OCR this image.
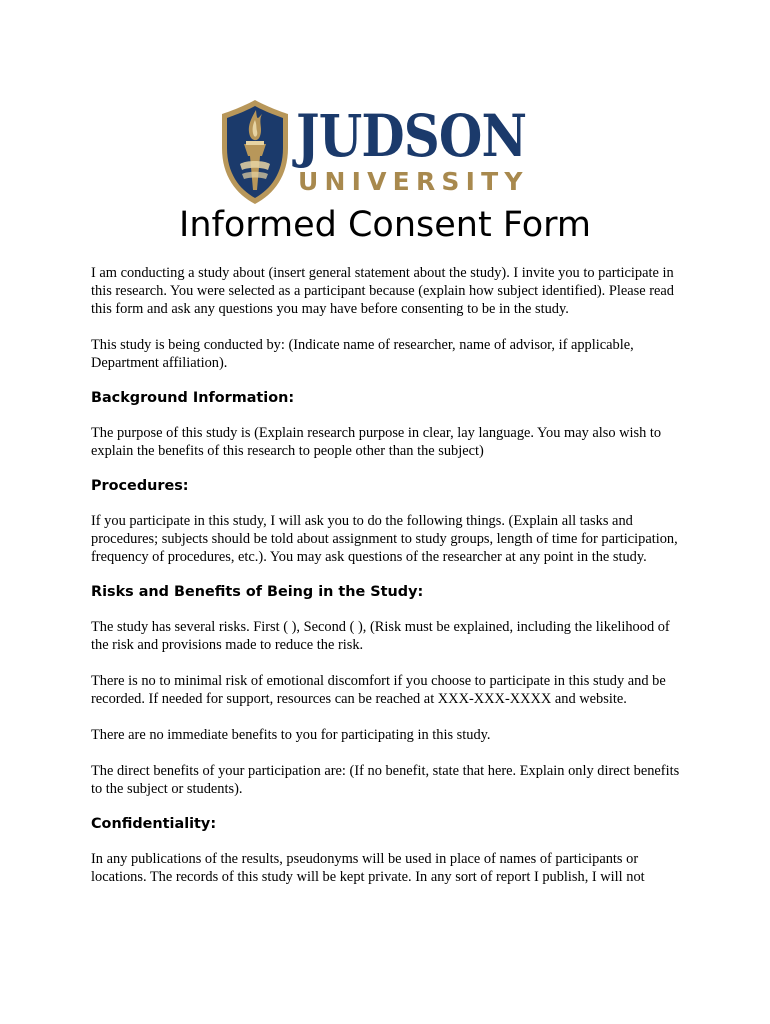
JUDSON
UNIVERSITY
Informed Consent Form

I am conducting a study about (insert general statement about the study). I invite you to participate in this research. You were selected as a participant because (explain how subject identified). Please read this form and ask any questions you may have before consenting to be in the study.

This study is being conducted by: (Indicate name of researcher, name of advisor, if applicable, Department affiliation).

Background Information:

The purpose of this study is (Explain research purpose in clear, lay language. You may also wish to explain the benefits of this research to people other than the subject)

Procedures:

If you participate in this study, I will ask you to do the following things. (Explain all tasks and procedures; subjects should be told about assignment to study groups, length of time for participation, frequency of procedures, etc.). You may ask questions of the researcher at any point in the study.

Risks and Benefits of Being in the Study:

The study has several risks. First ( ), Second ( ), (Risk must be explained, including the likelihood of the risk and provisions made to reduce the risk.

There is no to minimal risk of emotional discomfort if you choose to participate in this study and be recorded. If needed for support, resources can be reached at XXX-XXX-XXXX and website.

There are no immediate benefits to you for participating in this study.

The direct benefits of your participation are: (If no benefit, state that here. Explain only direct benefits to the subject or students).

Confidentiality:

In any publications of the results, pseudonyms will be used in place of names of participants or locations. The records of this study will be kept private. In any sort of report I publish, I will not
